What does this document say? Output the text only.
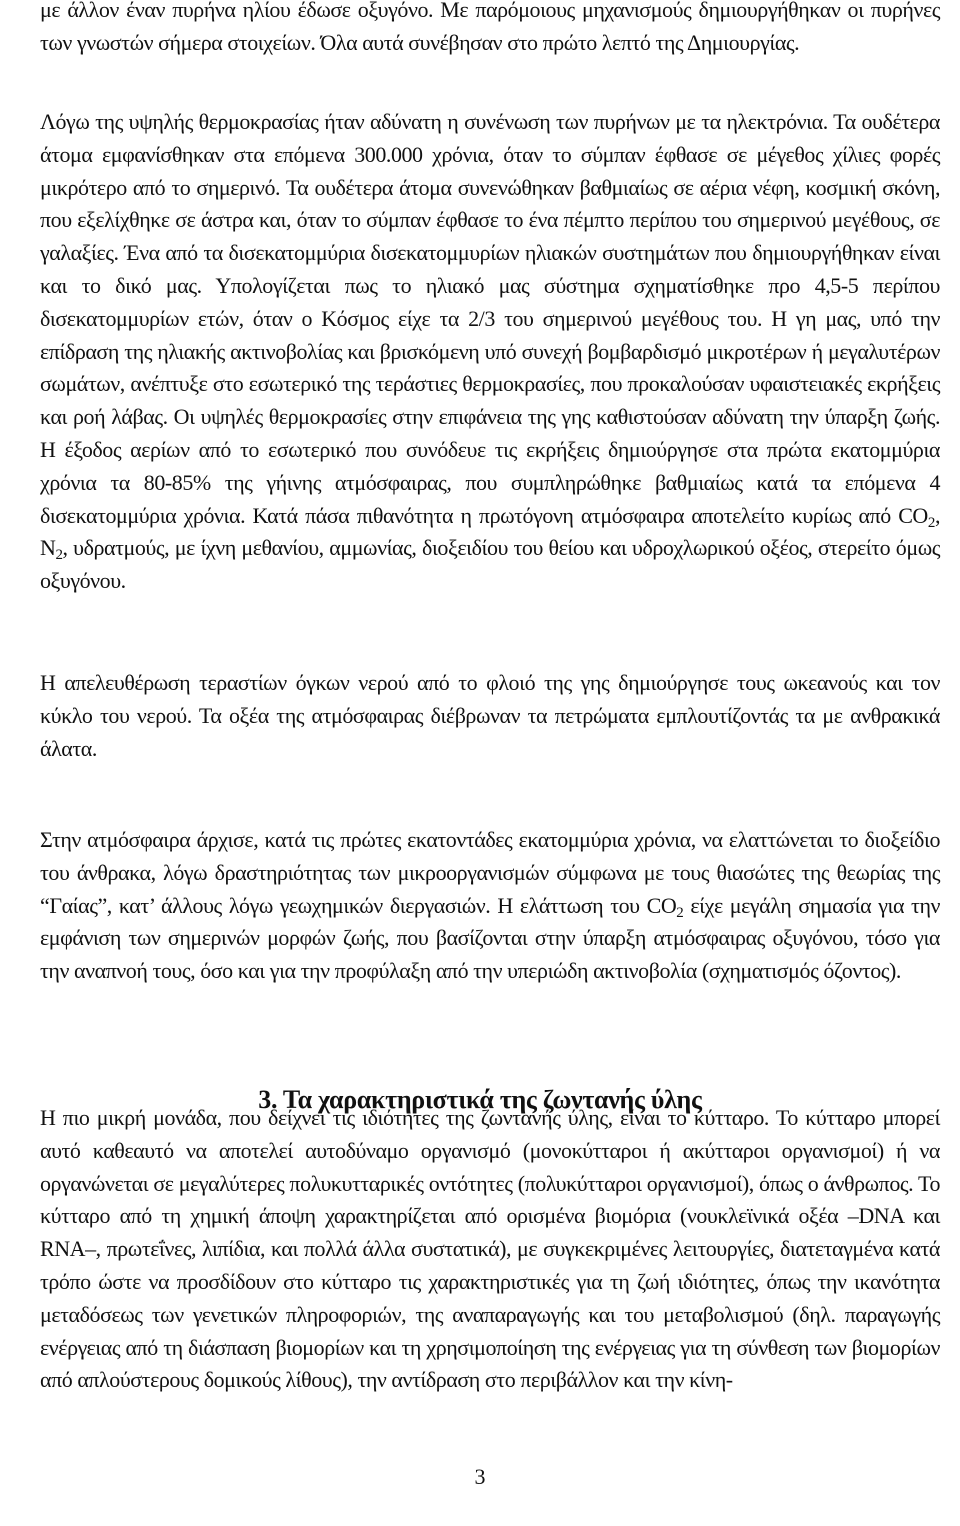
με άλλον έναν πυρήνα ηλίου έδωσε οξυγόνο. Με παρόμοιους μηχανισμούς δημιουργήθηκαν οι πυρήνες των γνωστών σήμερα στοιχείων. Όλα αυτά συνέβησαν στο πρώτο λεπτό της Δημιουργίας.

Λόγω της υψηλής θερμοκρασίας ήταν αδύνατη η συνένωση των πυρήνων με τα ηλεκτρόνια. Τα ουδέτερα άτομα εμφανίσθηκαν στα επόμενα 300.000 χρόνια, όταν το σύμπαν έφθασε σε μέγεθος χίλιες φορές μικρότερο από το σημερινό. Τα ουδέτερα άτομα συνενώθηκαν βαθμιαίως σε αέρια νέφη, κοσμική σκόνη, που εξελίχθηκε σε άστρα και, όταν το σύμπαν έφθασε το ένα πέμπτο περίπου του σημερινού μεγέθους, σε γαλαξίες. Ένα από τα δισεκατομμύρια δισεκατομμυρίων ηλιακών συστημάτων που δημιουργήθηκαν είναι και το δικό μας. Υπολογίζεται πως το ηλιακό μας σύστημα σχηματίσθηκε προ 4,5-5 περίπου δισεκατομμυρίων ετών, όταν ο Κόσμος είχε τα 2/3 του σημερινού μεγέθους του. Η γη μας, υπό την επίδραση της ηλιακής ακτινοβολίας και βρισκόμενη υπό συνεχή βομβαρδισμό μικροτέρων ή μεγαλυτέρων σωμάτων, ανέπτυξε στο εσωτερικό της τεράστιες θερμοκρασίες, που προκαλούσαν υφαιστειακές εκρήξεις και ροή λάβας. Οι υψηλές θερμοκρασίες στην επιφάνεια της γης καθιστούσαν αδύνατη την ύπαρξη ζωής. Η έξοδος αερίων από το εσωτερικό που συνόδευε τις εκρήξεις δημιούργησε στα πρώτα εκατομμύρια χρόνια τα 80-85% της γήινης ατμόσφαιρας, που συμπληρώθηκε βαθμιαίως κατά τα επόμενα 4 δισεκατομμύρια χρόνια. Κατά πάσα πιθανότητα η πρωτόγονη ατμόσφαιρα αποτελείτο κυρίως από $CO_2$, $N_2$, υδρατμούς, με ίχνη μεθανίου, αμμωνίας, διοξειδίου του θείου και υδροχλωρικού οξέος, στερείτο όμως οξυγόνου.

Η απελευθέρωση τεραστίων όγκων νερού από το φλοιό της γης δημιούργησε τους ωκεανούς και τον κύκλο του νερού. Τα οξέα της ατμόσφαιρας διέβρωναν τα πετρώματα εμπλουτίζοντάς τα με ανθρακικά άλατα.

Στην ατμόσφαιρα άρχισε, κατά τις πρώτες εκατοντάδες εκατομμύρια χρόνια, να ελαττώνεται το διοξείδιο του άνθρακα, λόγω δραστηριότητας των μικροοργανισμών σύμφωνα με τους θιασώτες της θεωρίας της “Γαίας”, κατ’ άλλους λόγω γεωχημικών διεργασιών. Η ελάττωση του $CO_2$ είχε μεγάλη σημασία για την εμφάνιση των σημερινών μορφών ζωής, που βασίζονται στην ύπαρξη ατμόσφαιρας οξυγόνου, τόσο για την αναπνοή τους, όσο και για την προφύλαξη από την υπεριώδη ακτινοβολία (σχηματισμός όζοντος).

3. Τα χαρακτηριστικά της ζωντανής ύλης

Η πιο μικρή μονάδα, που δείχνει τις ιδιότητες της ζωντανής ύλης, είναι το κύτταρο. Το κύτταρο μπορεί αυτό καθεαυτό να αποτελεί αυτοδύναμο οργανισμό (μονοκύτταροι ή ακύτταροι οργανισμοί) ή να οργανώνεται σε μεγαλύτερες πολυκυτταρικές οντότητες (πολυκύτταροι οργανισμοί), όπως ο άνθρωπος. Το κύτταρο από τη χημική άποψη χαρακτηρίζεται από ορισμένα βιομόρια (νουκλεϊνικά οξέα –DNA και RNA–, πρωτεΐνες, λιπίδια, και πολλά άλλα συστατικά), με συγκεκριμένες λειτουργίες, διατεταγμένα κατά τρόπο ώστε να προσδίδουν στο κύτταρο τις χαρακτηριστικές για τη ζωή ιδιότητες, όπως την ικανότητα μεταδόσεως των γενετικών πληροφοριών, της αναπαραγωγής και του μεταβολισμού (δηλ. παραγωγής ενέργειας από τη διάσπαση βιομορίων και τη χρησιμοποίηση της ενέργειας για τη σύνθεση των βιομορίων από απλούστερους δομικούς λίθους), την αντίδραση στο περιβάλλον και την κίνη-

3
